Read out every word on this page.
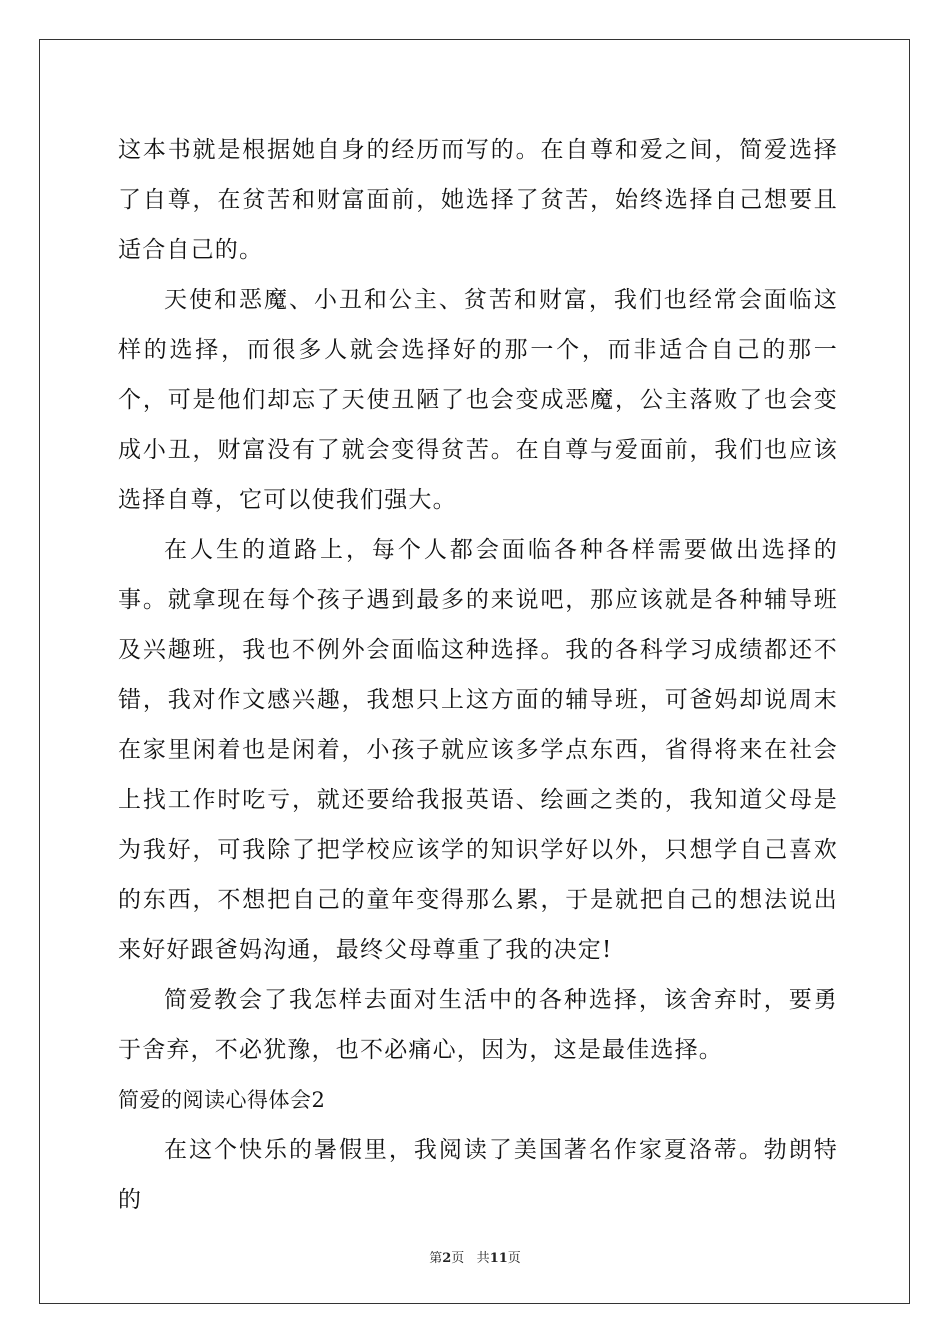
这本书就是根据她自身的经历而写的。在自尊和爱之间，简爱选择了自尊，在贫苦和财富面前，她选择了贫苦，始终选择自己想要且适合自己的。

天使和恶魔、小丑和公主、贫苦和财富，我们也经常会面临这样的选择，而很多人就会选择好的那一个，而非适合自己的那一个，可是他们却忘了天使丑陋了也会变成恶魔，公主落败了也会变成小丑，财富没有了就会变得贫苦。在自尊与爱面前，我们也应该选择自尊，它可以使我们强大。

在人生的道路上，每个人都会面临各种各样需要做出选择的事。就拿现在每个孩子遇到最多的来说吧，那应该就是各种辅导班及兴趣班，我也不例外会面临这种选择。我的各科学习成绩都还不错，我对作文感兴趣，我想只上这方面的辅导班，可爸妈却说周末在家里闲着也是闲着，小孩子就应该多学点东西，省得将来在社会上找工作时吃亏，就还要给我报英语、绘画之类的，我知道父母是为我好，可我除了把学校应该学的知识学好以外，只想学自己喜欢的东西，不想把自己的童年变得那么累，于是就把自己的想法说出来好好跟爸妈沟通，最终父母尊重了我的决定!

简爱教会了我怎样去面对生活中的各种选择，该舍弃时，要勇于舍弃，不必犹豫，也不必痛心，因为，这是最佳选择。

简爱的阅读心得体会2

在这个快乐的暑假里，我阅读了美国著名作家夏洛蒂。勃朗特的

第2页 共11页
